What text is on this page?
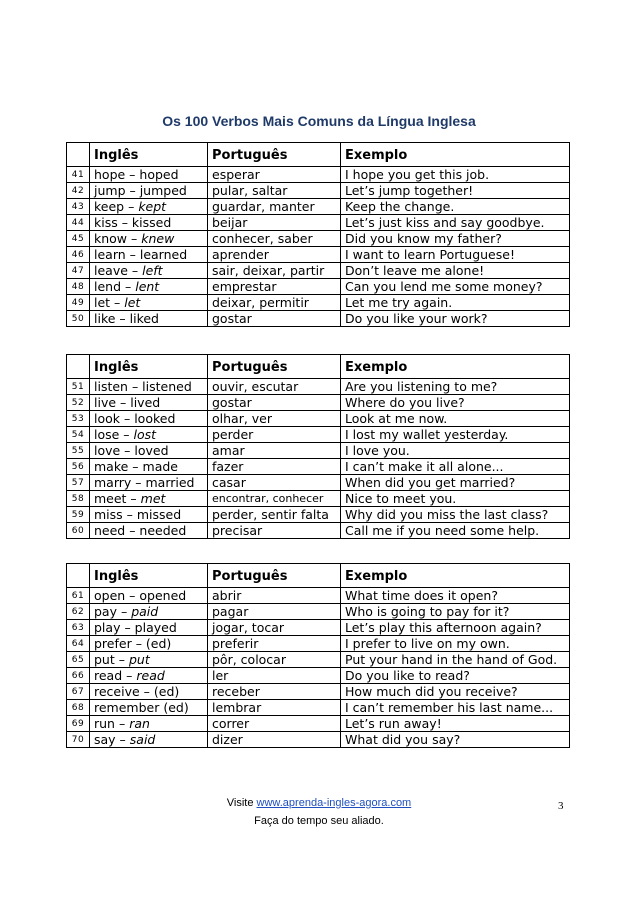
Os 100 Verbos Mais Comuns da Língua Inglesa
	Inglês	Português	Exemplo
41	hope – hoped	esperar	I hope you get this job.
42	jump – jumped	pular, saltar	Let’s jump together!
43	keep – kept	guardar, manter	Keep the change.
44	kiss – kissed	beijar	Let’s just kiss and say goodbye.
45	know – knew	conhecer, saber	Did you know my father?
46	learn – learned	aprender	I want to learn Portuguese!
47	leave – left	sair, deixar, partir	Don’t leave me alone!
48	lend – lent	emprestar	Can you lend me some money?
49	let – let	deixar, permitir	Let me try again.
50	like – liked	gostar	Do you like your work?
	Inglês	Português	Exemplo
51	listen – listened	ouvir, escutar	Are you listening to me?
52	live – lived	gostar	Where do you live?
53	look – looked	olhar, ver	Look at me now.
54	lose – lost	perder	I lost my wallet yesterday.
55	love – loved	amar	I love you.
56	make – made	fazer	I can’t make it all alone...
57	marry – married	casar	When did you get married?
58	meet – met	encontrar, conhecer	Nice to meet you.
59	miss – missed	perder, sentir falta	Why did you miss the last class?
60	need – needed	precisar	Call me if you need some help.
	Inglês	Português	Exemplo
61	open – opened	abrir	What time does it open?
62	pay – paid	pagar	Who is going to pay for it?
63	play – played	jogar, tocar	Let’s play this afternoon again?
64	prefer – (ed)	preferir	I prefer to live on my own.
65	put – put	pôr, colocar	Put your hand in the hand of God.
66	read – read	ler	Do you like to read?
67	receive – (ed)	receber	How much did you receive?
68	remember (ed)	lembrar	I can’t remember his last name...
69	run – ran	correr	Let’s run away!
70	say – said	dizer	What did you say?
Visite www.aprenda-ingles-agora.com
Faça do tempo seu aliado.
3
